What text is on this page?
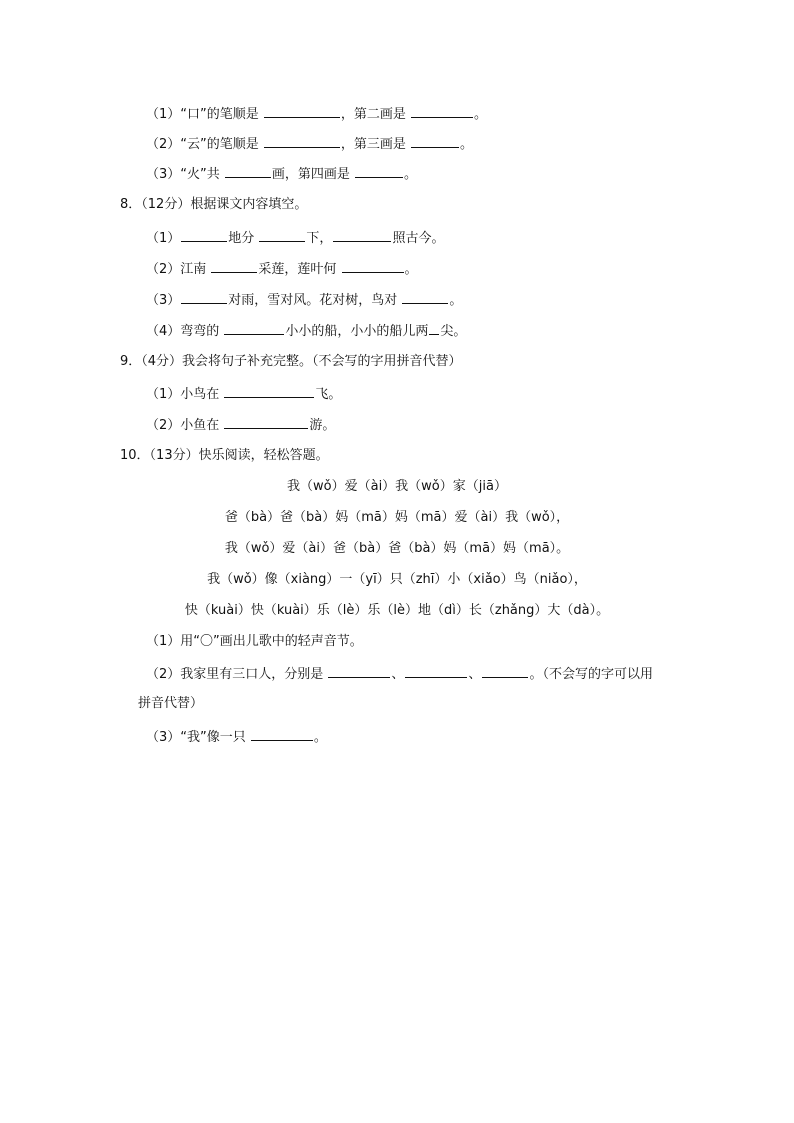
（1）“口”的笔顺是	，第二画是	。
（2）“云”的笔顺是	，第三画是	。
（3）“火”共	画，第四画是	。
8．（12分）根据课文内容填空。
（1）	地分	下，	照古今。
（2）江南	采莲，莲叶何	。
（3）	对雨，雪对风。花对树，鸟对	。
（4）弯弯的	小小的船，小小的船儿两 尖。
9．（4分）我会将句子补充完整。（不会写的字用拼音代替）
（1）小鸟在	飞。
（2）小鱼在	游。
10．（13分）快乐阅读，轻松答题。
我（wǒ）爱（ài）我（wǒ）家（jiā）
爸（bà）爸（bà）妈（mā）妈（mā）爱（ài）我（wǒ），
我（wǒ）爱（ài）爸（bà）爸（bà）妈（mā）妈（mā）。
我（wǒ）像（xiàng）一（yī）只（zhī）小（xiǎo）鸟（niǎo），
快（kuài）快（kuài）乐（lè）乐（lè）地（dì）长（zhǎng）大（dà）。
（1）用“〇”画出儿歌中的轻声音节。
（2）我家里有三口人，分别是	、	、	。（不会写的字可以用
拼音代替）
（3）“我”像一只	。
